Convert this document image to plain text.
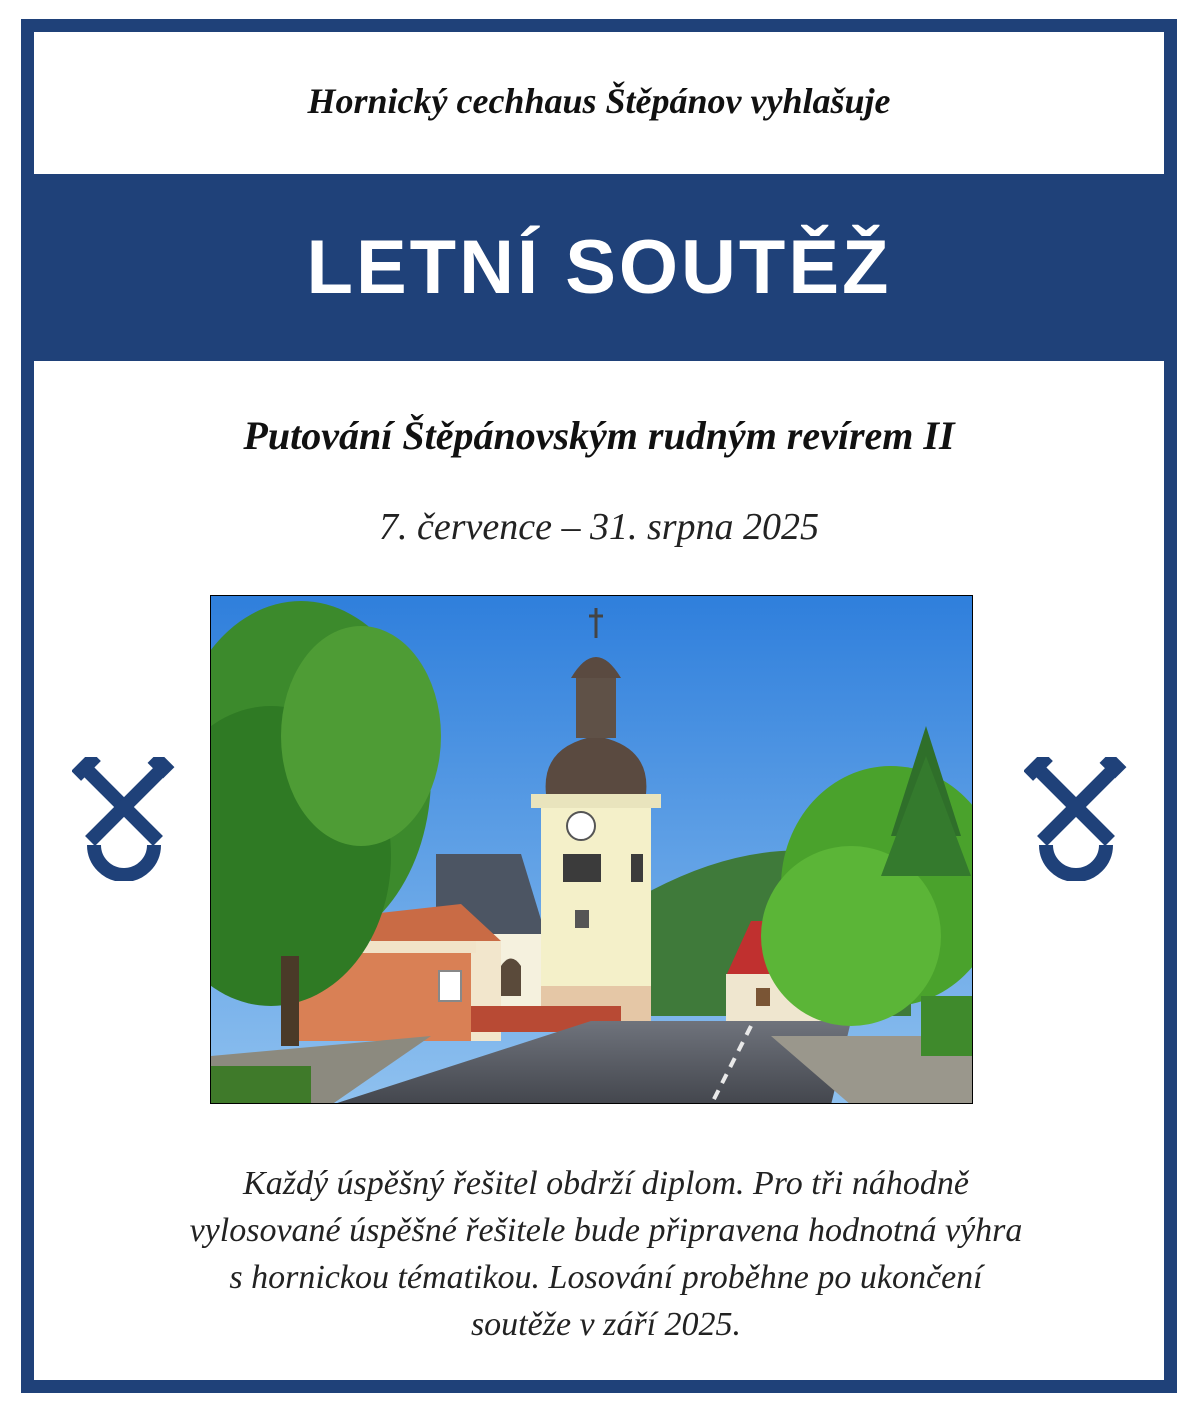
Hornický cechhaus Štěpánov vyhlašuje
LETNÍ SOUTĚŽ
Putování Štěpánovským rudným revírem II
7. července – 31. srpna 2025
Každý úspěšný řešitel obdrží diplom. Pro tři náhodně
vylosované úspěšné řešitele bude připravena hodnotná výhra
s hornickou tématikou. Losování proběhne po ukončení
soutěže v září 2025.
